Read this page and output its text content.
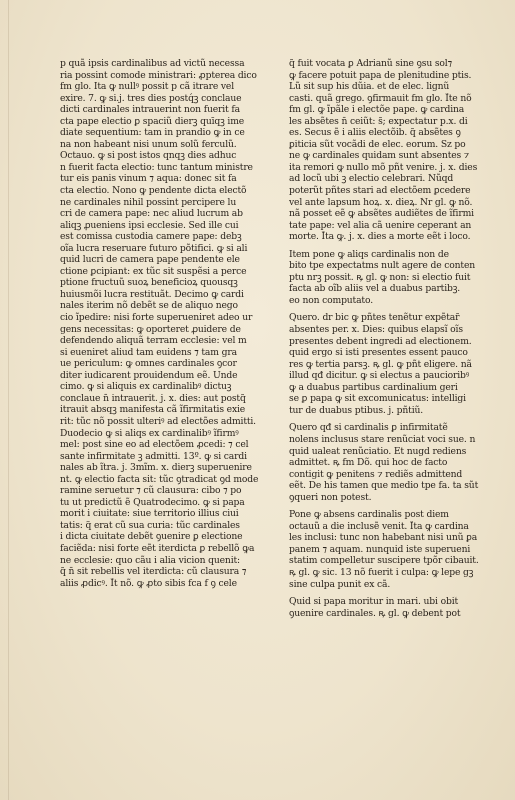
p quã ipsis cardinalibus ad victũ necessa

ria possint comode ministrari: ꝓpterea dico

fm glo. Ita ꝙ nullꝰ possit p cã itrare vel

exire. 7. ꝙ si.j. tres dies postq́ꝫ conclaue

dicti cardinales intrauerint non fuerit fa

cta pape electio ꝑ spaciũ dierꝫ quīqꝫ ime

diate sequentium: tam in prandio ꝙ in ce

na non habeant nisi unum solũ ferculũ.

Octauo. ꝙ si post istos qnqꝫ dies adhuc

n fuerit facta electio: tunc tantum ministre

tur eis panis vinum ⁊ aqua: donec sit fa

cta electio. Nono ꝙ pendente dicta electõ

ne cardinales nihil possint percipere lu

cri de camera pape: nec aliud lucrum ab

aliqꝫ ꝓueniens ipsi ecclesie. Sed ille cui

est comissa custodia camere pape: debꝫ

oĩa lucra reseruare futuro põtifici. ꝙ si ali

quid lucri de camera pape pendente ele

ctione ꝑcipiant: ex tũc sit suspẽsi a perce

ptione fructuũ suoꝝ beneficioꝝ quousqꝫ

huiusmõi lucra restituãt. Decimo ꝙ cardi

nales iterim nõ debẽt se de aliquo nego

cio ĩpedire: nisi forte superueniret adeo ur

gens necessitas: ꝙ oporteret ꝓuidere de

defendendo aliquã terram ecclesie: vel m

si eueniret aliud tam euidens ⁊ tam gra

ue periculum: ꝙ omnes cardinales ꝯcor

diter iudicarent prouidendum eẽ. Unde

cimo. ꝙ si aliquis ex cardinalibꝰ dictuꝫ

conclaue n̄ intrauerit. j. x. dies: aut postq̃

itrauit absqꝫ manifesta cã ĩfirmitatis exie

rit: tũc nõ possit ulteriꝰ ad electões admitti.

Duodecio ꝙ si aliqs ex cardinalibꝰ ĩfirmꝰ

mel: post sine eo ad electõem ꝓcedi: ⁊ cel

sante infirmitate ꝫ admitti. 13º. ꝙ si cardi

nales ab ĩtra. j. 3mĩm. x. dierꝫ superuenire

nt. ꝙ electio facta sit: tũc ꝯtradicat ꝯd mode

ramine seruetur ⁊ cũ clausura: cibo ⁊ po

tu ut predictũ ẽ Quatrodecimo. ꝙ si papa

morit̃ i ciuitate: siue territorio illius ciui

tatis: q̃ erat cũ sua curia: tũc cardinales

i dicta ciuitate debẽt ꝯuenire ꝑ electione

faciẽda: nisi forte eẽt iterdicta ꝑ rebellõ ꝙa

ne ecclesie: quo cãu i alia vicion quenit:

q̃ n̄ sit rebellis vel iterdicta: cũ clausura ⁊

aliis ꝓdicꝰ. Ĩt nõ. ꝙ ꝓto sibis fca f ꝯ cele

q̃ fuit vocata ꝑ Adrianũ sine ꝯsu sol⁊

ꝙ facere potuit papa de plenitudine pt̃is.

Lũ sit sup his dũia. et de elec. lignũ

casti. quã grego. ꝯfirmauit fm glo. Ĩte nõ

fm gl. ꝙ ĩpãle i electõe pape. ꝙ cardina

les absẽtes n̄ ceiũt: s̃; expectatur p.x. di

es. Secus ẽ i aliis electõib. q̃ absẽtes ꝯ

ꝑiticia sũt vocãdi de elec. eorum. Sz po

ne ꝙ cardinales quidam sunt absentes ⁊

ita remori ꝙ nullo mõ pñt venire. j. x. dies

ad locũ ubi ꝫ electio celebrari. Ñũqd

poterũt pñtes stari ad electõem ꝑcedere

vel ante lapsum hoꝝ. x. dieꝝ. Ñr gl. ꝙ nõ.

nã posset eẽ ꝙ absẽtes audiẽtes de ĩfirmi

tate pape: vel alia cã uenire ceperant an

morte. Ĩta ꝙ. j. x. dies a morte eẽt i loco.

Item pone ꝙ aliqs cardinalis non de

bito tpe expectat̃ms nult agere de conten

ptu nrꝫ possit. ꝶ gl. ꝙ non: si electio fuit

facta ab oĩb aliis vel a duabus partibꝫ.

eo non computato.

Quero. dr bic ꝙ pñtes tenẽtur expẽtar̃

absentes per. x. Dies: quibus elapsĩ oĩs

presentes debent ingredi ad electionem.

quid ergo si isti presentes essent pauco

res ꝙ tertia parsꝫ. ꝶ gl. ꝙ pñt eligere. nã

illud qđ dicitur. ꝙ si electus a paucioribꝰ

ꝙ a duabus partibus cardinalium geri

se ꝑ papa ꝙ sit excomunicatus: intelligi

tur de duabus ptibus. j. pñtiũ.

Quero qđ si cardinalis ꝑ infirmitatẽ

nolens inclusus stare renũciat voci sue. n

quid ualeat renũciatio. Et nugd rediens

admittet. ꝶ fm Dõ. qui hoc de facto

contigit ꝙ penitens ⁊ rediẽs admittend

eẽt. De his tamen que medio tpe fa. ta sũt

ꝯqueri non potest.

Pone ꝙ absens cardinalis post diem

octauũ a die inclusẽ venit. Ĩta ꝙ cardina

les inclusi: tunc non habebant nisi unũ ꝑa

panem ⁊ aquam. nunquid iste superueni

statim compelletur suscipere tpõr cibauit.

ꝶ gl. ꝙ sic. 13 nõ fuerit i culpa: ꝙ lepe gꝫ

sine culpa punit ex cã.

Quid si papa moritur in mari. ubi obit̃

ꝯuenire cardinales. ꝶ gl. ꝙ debent pot̃
